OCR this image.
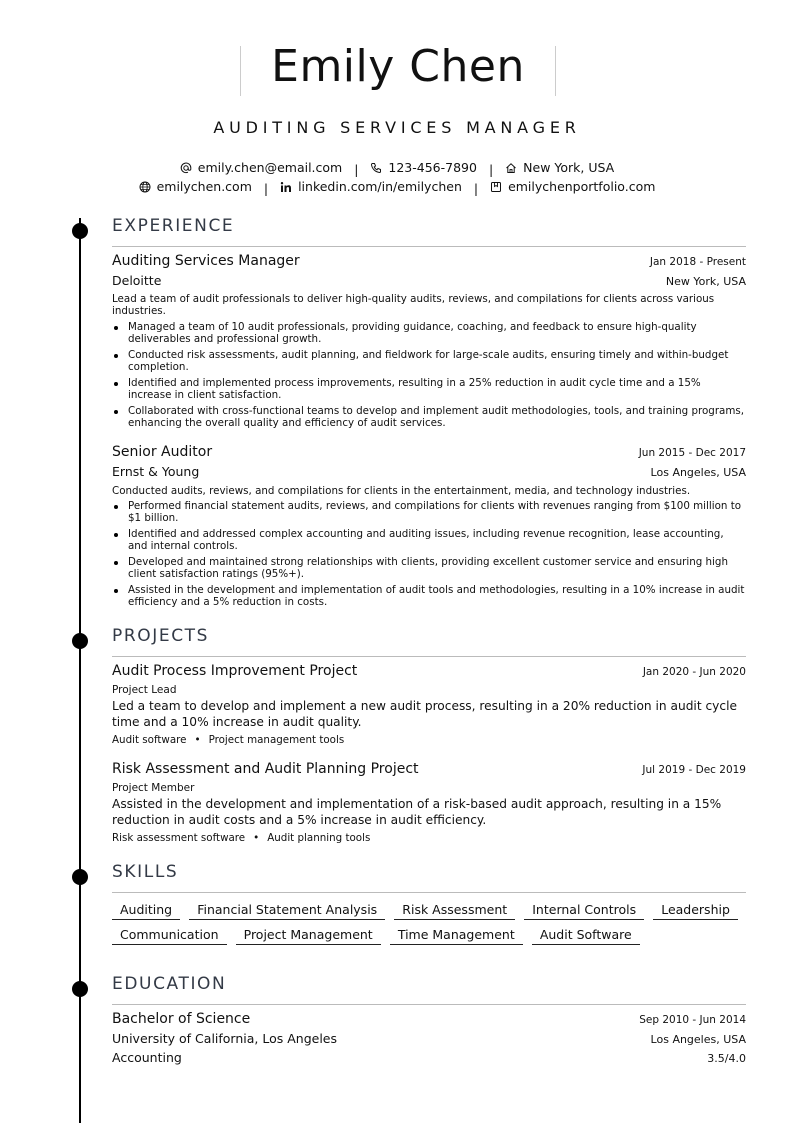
Emily Chen
AUDITING SERVICES MANAGER
emily.chen@email.com | 123-456-7890 | New York, USA
emilychen.com | linkedin.com/in/emilychen | emilychenportfolio.com
EXPERIENCE
Auditing Services Manager	Jan 2018 - Present
Deloitte	New York, USA
Lead a team of audit professionals to deliver high-quality audits, reviews, and compilations for clients across various industries.
Managed a team of 10 audit professionals, providing guidance, coaching, and feedback to ensure high-quality deliverables and professional growth.
Conducted risk assessments, audit planning, and fieldwork for large-scale audits, ensuring timely and within-budget completion.
Identified and implemented process improvements, resulting in a 25% reduction in audit cycle time and a 15% increase in client satisfaction.
Collaborated with cross-functional teams to develop and implement audit methodologies, tools, and training programs, enhancing the overall quality and efficiency of audit services.
Senior Auditor	Jun 2015 - Dec 2017
Ernst & Young	Los Angeles, USA
Conducted audits, reviews, and compilations for clients in the entertainment, media, and technology industries.
Performed financial statement audits, reviews, and compilations for clients with revenues ranging from $100 million to $1 billion.
Identified and addressed complex accounting and auditing issues, including revenue recognition, lease accounting, and internal controls.
Developed and maintained strong relationships with clients, providing excellent customer service and ensuring high client satisfaction ratings (95%+).
Assisted in the development and implementation of audit tools and methodologies, resulting in a 10% increase in audit efficiency and a 5% reduction in costs.
PROJECTS
Audit Process Improvement Project	Jan 2020 - Jun 2020
Project Lead
Led a team to develop and implement a new audit process, resulting in a 20% reduction in audit cycle time and a 10% increase in audit quality.
Audit software • Project management tools
Risk Assessment and Audit Planning Project	Jul 2019 - Dec 2019
Project Member
Assisted in the development and implementation of a risk-based audit approach, resulting in a 15% reduction in audit costs and a 5% increase in audit efficiency.
Risk assessment software • Audit planning tools
SKILLS
Auditing Financial Statement Analysis Risk Assessment Internal Controls Leadership Communication Project Management Time Management Audit Software
EDUCATION
Bachelor of Science	Sep 2010 - Jun 2014
University of California, Los Angeles	Los Angeles, USA
Accounting	3.5/4.0
